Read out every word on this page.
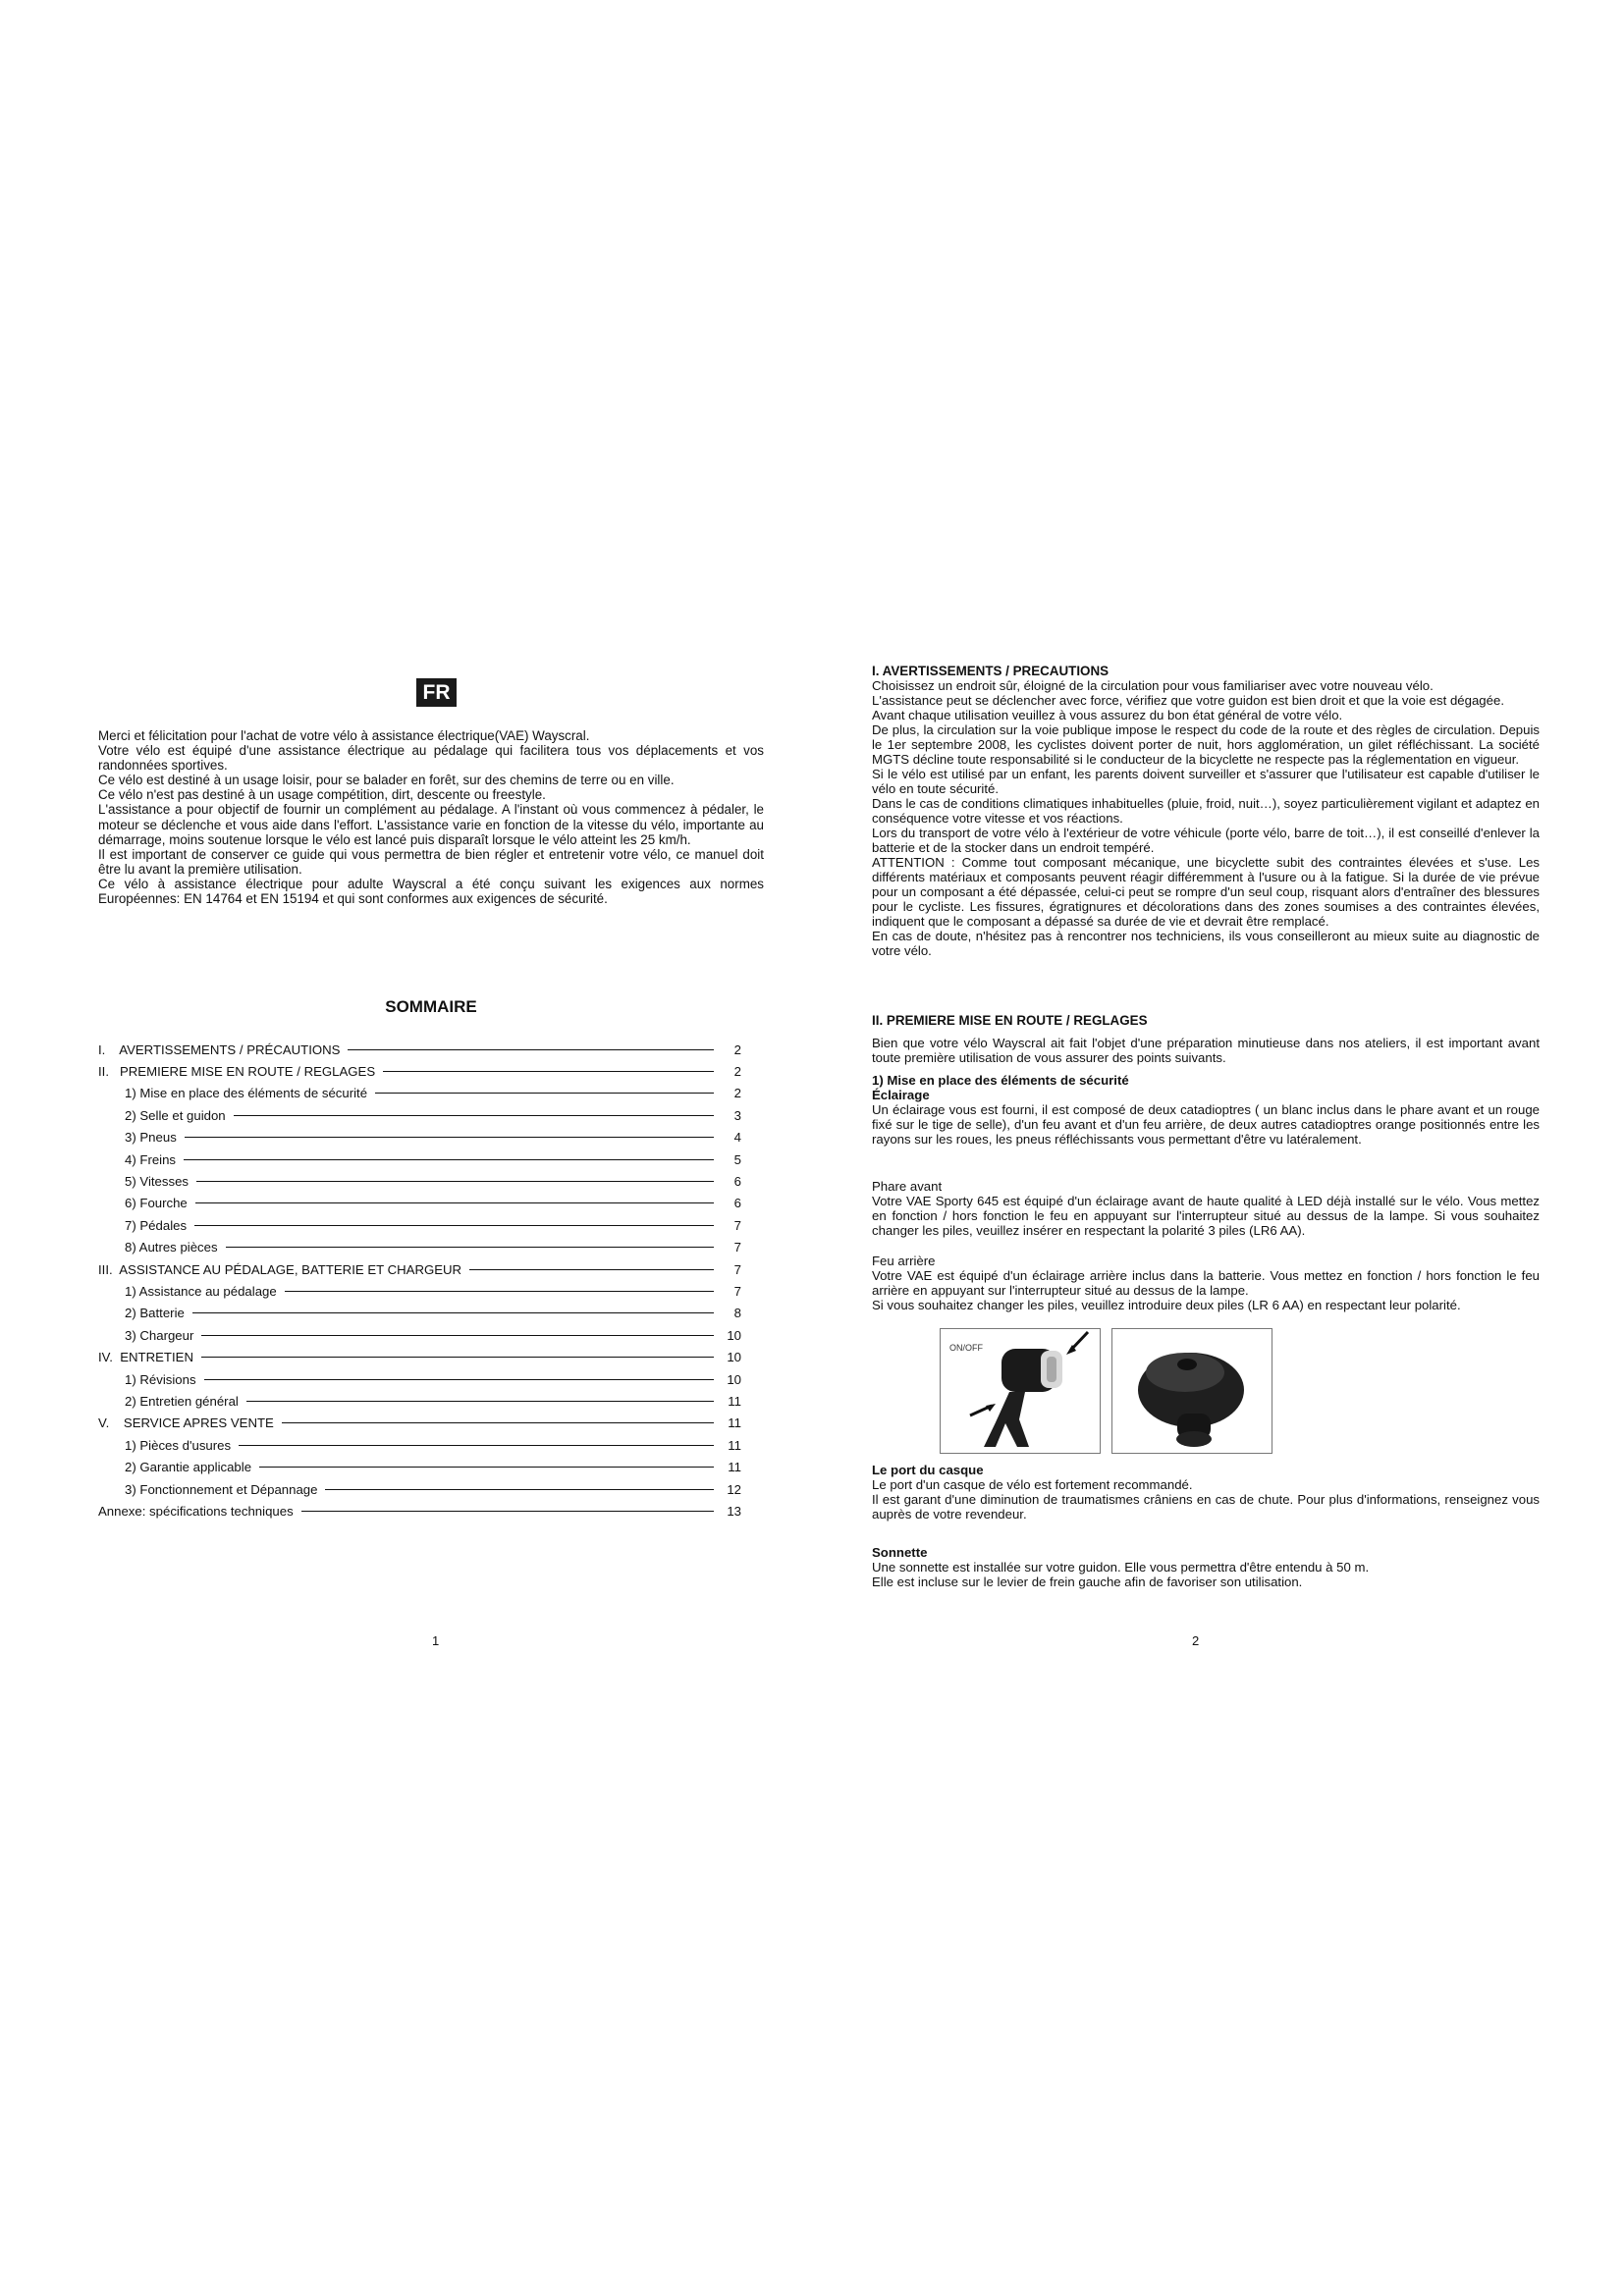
FR

Merci et félicitation pour l'achat de votre vélo à assistance électrique(VAE) Wayscral.

Votre vélo est équipé d'une assistance électrique au pédalage qui facilitera tous vos déplacements et vos randonnées sportives.

Ce vélo est destiné à un usage loisir, pour se balader en forêt, sur des chemins de terre ou en ville.

Ce vélo n'est pas destiné à un usage compétition, dirt, descente ou freestyle.

L'assistance a pour objectif de fournir un complément au pédalage. A l'instant où vous commencez à pédaler, le moteur se déclenche et vous aide dans l'effort. L'assistance varie en fonction de la vitesse du vélo, importante au démarrage, moins soutenue lorsque le vélo est lancé puis disparaît lorsque le vélo atteint les 25 km/h.

Il est important de conserver ce guide qui vous permettra de bien régler et entretenir votre vélo, ce manuel doit être lu avant la première utilisation.

Ce vélo à assistance électrique pour adulte Wayscral a été conçu suivant les exigences aux normes Européennes: EN 14764 et EN 15194 et qui sont conformes aux exigences de sécurité.

SOMMAIRE
I.    AVERTISSEMENTS / PRÉCAUTIONS	2
II.   PREMIERE MISE EN ROUTE / REGLAGES	2
1) Mise en place des éléments de sécurité	2
2) Selle et guidon	3
3) Pneus	4
4) Freins	5
5) Vitesses	6
6) Fourche	6
7) Pédales	7
8) Autres pièces	7
III.  ASSISTANCE AU PÉDALAGE, BATTERIE ET CHARGEUR	7
1) Assistance au pédalage	7
2) Batterie	8
3) Chargeur	10
IV.  ENTRETIEN	10
1) Révisions	10
2) Entretien général	11
V.    SERVICE APRES VENTE	11
1) Pièces d'usures	11
2) Garantie applicable	11
3) Fonctionnement et Dépannage	12
Annexe: spécifications techniques	13
1

I. AVERTISSEMENTS / PRECAUTIONS

Choisissez un endroit sûr, éloigné de la circulation pour vous familiariser avec votre nouveau vélo.

L'assistance peut se déclencher avec force, vérifiez que votre guidon est bien droit et que la voie est dégagée.

Avant chaque utilisation veuillez à vous assurez du bon état général de votre vélo.

De plus, la circulation sur la voie publique impose le respect du code de la route et des règles de circulation. Depuis le 1er septembre 2008, les cyclistes doivent porter de nuit, hors agglomération, un gilet réfléchissant. La société MGTS décline toute responsabilité si le conducteur de la bicyclette ne respecte pas la réglementation en vigueur.

Si le vélo est utilisé par un enfant, les parents doivent surveiller et s'assurer que l'utilisateur est capable d'utiliser le vélo en toute sécurité.

Dans le cas de conditions climatiques inhabituelles (pluie, froid, nuit…), soyez particulièrement vigilant et adaptez en conséquence votre vitesse et vos réactions.

Lors du transport de votre vélo à l'extérieur de votre véhicule (porte vélo, barre de toit…), il est conseillé d'enlever la batterie et de la stocker dans un endroit tempéré.

ATTENTION : Comme tout composant mécanique, une bicyclette subit des contraintes élevées et s'use. Les différents matériaux et composants peuvent réagir différemment à l'usure ou à la fatigue. Si la durée de vie prévue pour un composant a été dépassée, celui-ci peut se rompre d'un seul coup, risquant alors d'entraîner des blessures pour le cycliste. Les fissures, égratignures et décolorations dans des zones soumises a des contraintes élevées, indiquent que le composant a dépassé sa durée de vie et devrait être remplacé.

En cas de doute, n'hésitez pas à rencontrer nos techniciens, ils vous conseilleront au mieux suite au diagnostic de votre vélo.

II. PREMIERE MISE EN ROUTE / REGLAGES

Bien que votre vélo Wayscral ait fait l'objet d'une préparation minutieuse dans nos ateliers, il est important avant toute première utilisation de vous assurer des points suivants.

1) Mise en place des éléments de sécurité

Éclairage

Un éclairage vous est fourni, il est composé de deux catadioptres ( un blanc inclus dans le phare avant et un rouge fixé sur le tige de selle), d'un feu avant et d'un feu arrière, de deux autres catadioptres orange positionnés entre les rayons sur les roues, les pneus réfléchissants vous permettant d'être vu latéralement.

Phare avant

Votre VAE Sporty 645 est équipé d'un éclairage avant de haute qualité à LED déjà installé sur le vélo. Vous mettez en fonction / hors fonction le feu en appuyant sur l'interrupteur situé au dessus de la lampe. Si vous souhaitez changer les piles, veuillez insérer en respectant la polarité 3 piles (LR6 AA).

Feu arrière

Votre VAE est équipé d'un éclairage arrière inclus dans la batterie. Vous mettez en fonction / hors fonction le feu arrière en appuyant sur l'interrupteur situé au dessus de la lampe.

Si vous souhaitez changer les piles, veuillez introduire deux piles (LR 6 AA) en respectant leur polarité.

ON/OFF

Le port du casque

Le port d'un casque de vélo est fortement recommandé.

Il est garant d'une diminution de traumatismes crâniens en cas de chute. Pour plus d'informations, renseignez vous auprès de votre revendeur.

Sonnette

Une sonnette est installée sur votre guidon. Elle vous permettra d'être entendu à 50 m.

Elle est incluse sur le levier de frein gauche afin de favoriser son utilisation.

2
